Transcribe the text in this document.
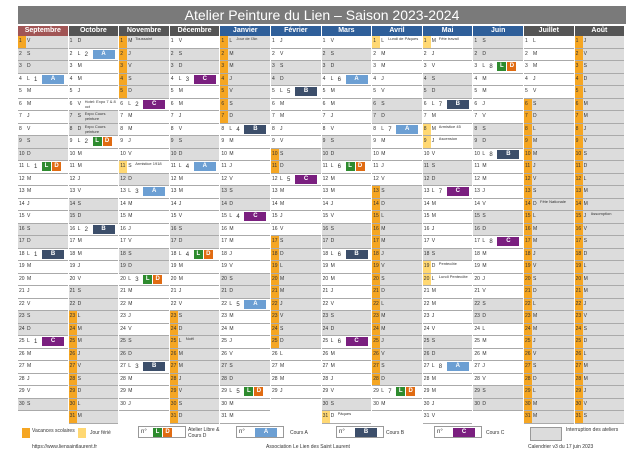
Atelier Peinture du Lien – Saison 2023-2024
Septembre
1	V
2	S
3	D
4	L 1	A
5	M
6	M
7	J
8	V
9	S
10 D
11 L 1	L	D
12 M
13 M
14 J
15 V
16 S
17 D
18 L 1	B
19 M
20 M
21 J
22 V
23 S
24 D
25 L 1	C
26 M
27 M
28 J
29 V
30 S
Octobre
1	D
2	L 2	A
3	M
4	M
5	J
6	V Hotel: Expo 7 & 8 oct
7	S Expo Cours peinture
8	D Expo Cours peinture
9	L 2	L	D
10 M
11 M
12 J
13 V
14 S
15 D
16 L 2	B
17 M
18 M
19 J
20 V
21 S
22 D
23 L
24 M
25 M
26 J
27 V
28 S
29 D
30 L
31 M
Novembre
1	M Toussaint
2	J
3	V
4	S
5	D
6	L 2	C
7	M
8	M
9	J
10 V
11 S Armistice 1918
12 D
13 L 3	A
14 M
15 M
16 J
17 V
18 S
19 D
20 L 3	L	D
21 M
22 M
23 J
24 V
25 S
26 D
27 L 3	B
28 M
29 M
30 J
Décembre
1	V
2	S
3	D
4	L 3	C
5	M
6	M
7	J
8	V
9	S
10 D
11 L 4	A
12 M
13 M
14 J
15 V
16 S
17 D
18 L 4	L	D
19 M
20 M
21 J
22 V
23 S
24 D
25 L	Noël
26 M
27 M
28 J
29 V
30 S
31 D
Janvier
1	L	Jour de l'An
2	M
3	M
4	J
5	V
6	S
7	D
8	L 4	B
9	M
10 M
11 J
12 V
13 S
14 D
15 L 4	C
16 M
17 M
18 J
19 V
20 S
21 D
22 L 5	A
23 M
24 M
25 J
26 V
27 S
28 D
29 L 5	L	D
30 M
31 M
Février
1	J
2	V
3	S
4	D
5	L 5	B
6	M
7	M
8	J
9	V
10 S
11 D
12 L 5	C
13 M
14 M
15 J
16 V
17 S
18 D
19 L
20 M
21 M
22 J
23 V
24 S
25 D
26 L
27 M
28 M
29 J
Mars
1	V
2	S
3	D
4	L 6	A
5	M
6	M
7	J
8	V
9	S
10 D
11 L 6	L	D
12 M
13 M
14 J
15 V
16 S
17 D
18 L 6	B
19 M
20 M
21 J
22 V
23 S
24 D
25 L 6	C
26 M
27 M
28 J
29 V
30 S
31 D Pâques
Avril
1	L	Lundi de Pâques
2	M
3	M
4	J
5	V
6	S
7	D
8	L 7	A
9	M
10 M
11 J
12 V
13 S
14 D
15 L
16 M
17 M
18 J
19 V
20 S
21 D
22 L
23 M
24 M
25 J
26 V
27 S
28 D
29 L 7	L	D
30 M
Mai
1	M Fête travail
2	J
3	V
4	S
5	D
6	L 7	B
7	M
8	M Armistice 45
9	J	Ascension
10 V
11 S
12 D
13 L 7	C
14 M
15 M
16 J
17 V
18 S
19 D Pentecôte
20 L	Lundi Pentecôte
21 M
22 M
23 J
24 V
25 S
26 D
27 L 8	A
28 M
29 M
30 J
31 V
Juin
1	S
2	D
3	L 8	L	D
4	M
5	M
6	J
7	V
8	S
9	D
10 L 8	B
11 M
12 M
13 J
14 V
15 S
16 D
17 L 8	C
18 M
19 M
20 J
21 V
22 S
23 D
24 L
25 M
26 M
27 J
28 V
29 S
30 D
Juillet
1	L
2	M
3	M
4	J
5	V
6	S
7	D
8	L
9	M
10 M
11 J
12 V
13 S
14 D Fête Nationale
15 L
16 M
17 M
18 J
19 V
20 S
21 D
22 L
23 M
24 M
25 J
26 V
27 S
28 D
29 L
30 M
31 M
Août
1	J
2	V
3	S
4	D
5	L
6	M
7	M
8	J
9	V
10 S
11 D
12 L
13 M
14 M
15 J	Assomption
16 V
17 S
18 D
19 L
20 M
21 M
22 J
23 V
24 S
25 D
26 L
27 M
28 M
29 J
30 V
31 S
Vacances scolaires	Jour férié	n°	L	D	Atelier Libre & Cours D
n°	A	Cours A	n°	B	Cours B	n°	C	Cours C	Interruption des ateliers
https://www.liensaintlaurent.fr	Association Le Lien des Saint Laurent	Calendrier v3 du 17 juin 2023
